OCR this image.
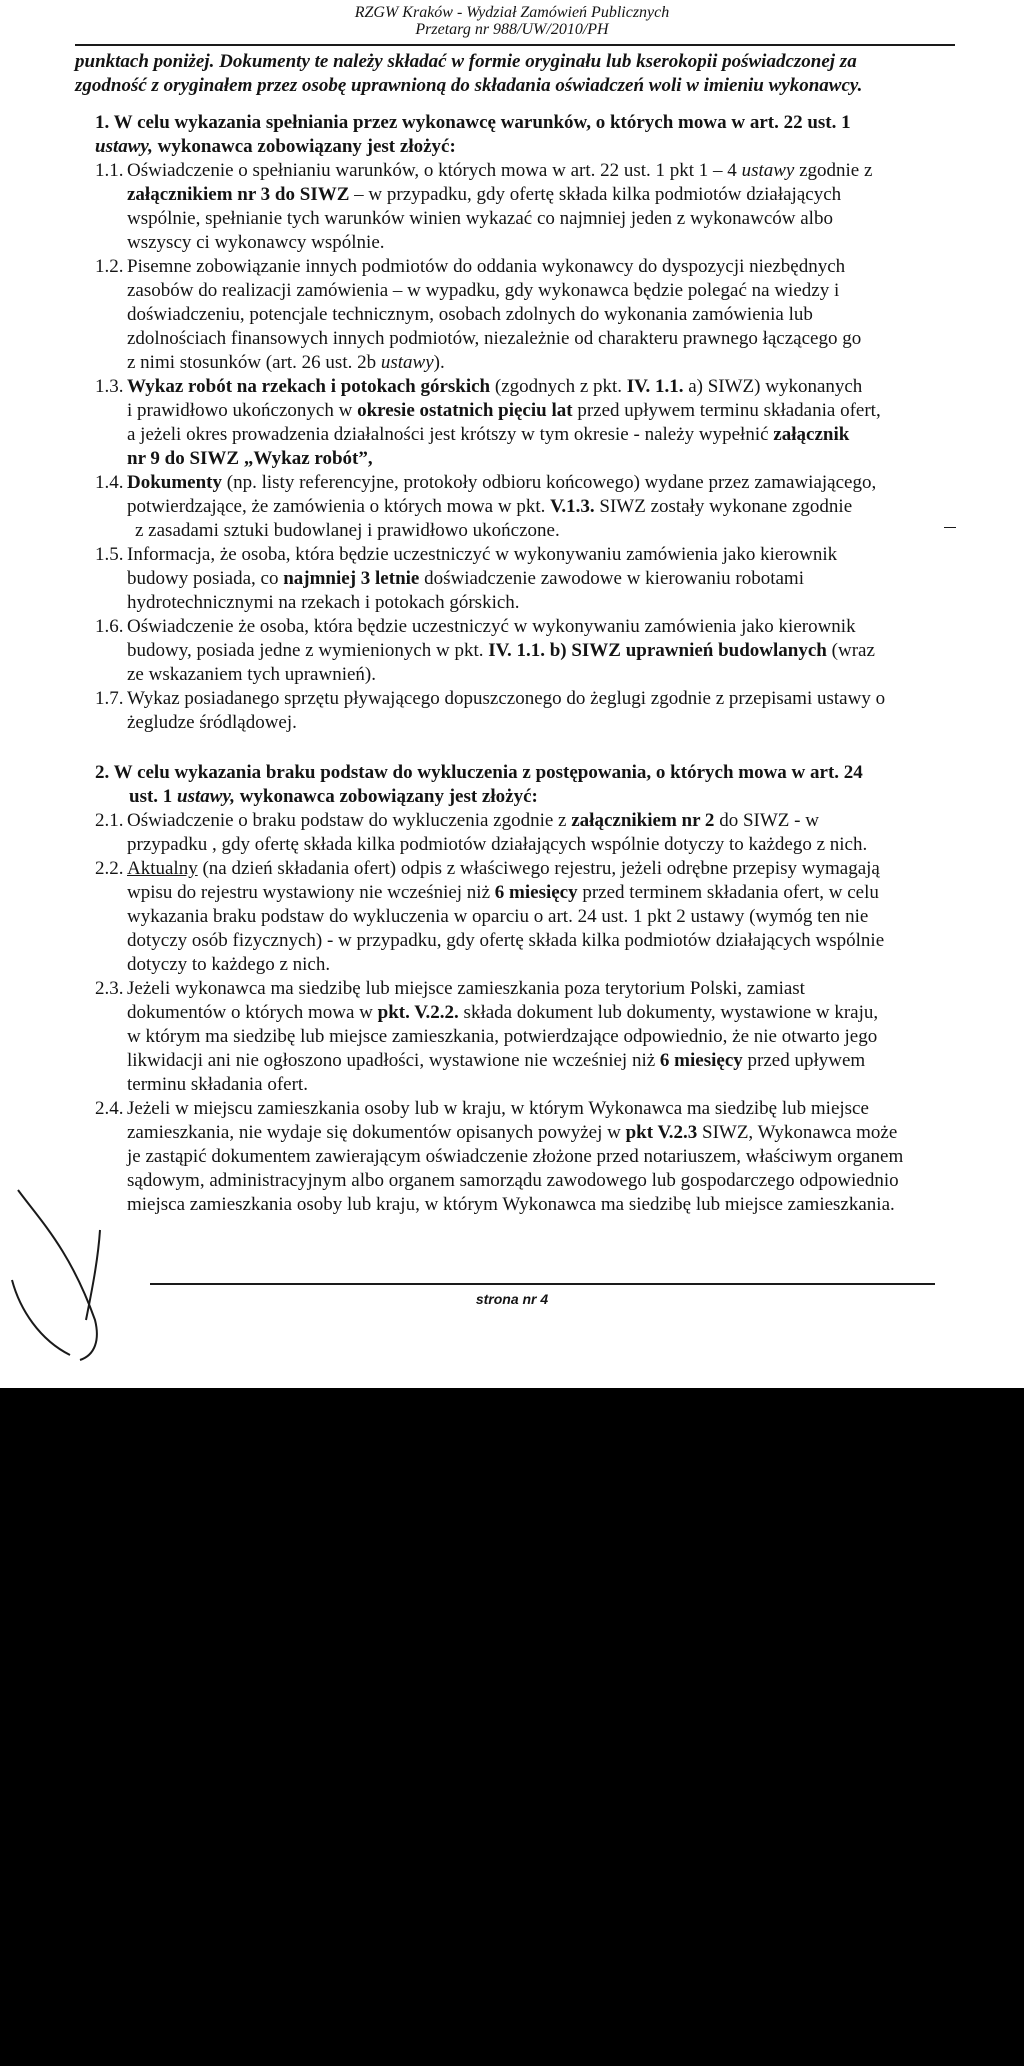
RZGW Kraków - Wydział Zamówień Publicznych
Przetarg nr 988/UW/2010/PH

punktach poniżej. Dokumenty te należy składać w formie oryginału lub kserokopii poświadczonej za

zgodność z oryginałem przez osobę uprawnioną do składania oświadczeń woli w imieniu wykonawcy.

1. W celu wykazania spełniania przez wykonawcę warunków, o których mowa w art. 22 ust. 1

ustawy, wykonawca zobowiązany jest złożyć:

1.1. Oświadczenie o spełnianiu warunków, o których mowa w art. 22 ust. 1 pkt 1 – 4 ustawy zgodnie z

załącznikiem nr 3 do SIWZ – w przypadku, gdy ofertę składa kilka podmiotów działających

wspólnie, spełnianie tych warunków winien wykazać co najmniej jeden z wykonawców albo

wszyscy ci wykonawcy wspólnie.

1.2. Pisemne zobowiązanie innych podmiotów do oddania wykonawcy do dyspozycji niezbędnych

zasobów do realizacji zamówienia – w wypadku, gdy wykonawca będzie polegać na wiedzy i

doświadczeniu, potencjale technicznym, osobach zdolnych do wykonania zamówienia lub

zdolnościach finansowych innych podmiotów, niezależnie od charakteru prawnego łączącego go

z nimi stosunków (art. 26 ust. 2b ustawy).

1.3. Wykaz robót na rzekach i potokach górskich (zgodnych z pkt. IV. 1.1. a) SIWZ) wykonanych

i prawidłowo ukończonych w okresie ostatnich pięciu lat przed upływem terminu składania ofert,

a jeżeli okres prowadzenia działalności jest krótszy w tym okresie - należy wypełnić załącznik

nr 9 do SIWZ „Wykaz robót”,

1.4. Dokumenty (np. listy referencyjne, protokoły odbioru końcowego) wydane przez zamawiającego,

potwierdzające, że zamówienia o których mowa w pkt. V.1.3. SIWZ zostały wykonane zgodnie

z zasadami sztuki budowlanej i prawidłowo ukończone.

1.5. Informacja, że osoba, która będzie uczestniczyć w wykonywaniu zamówienia jako kierownik

budowy posiada, co najmniej 3 letnie doświadczenie zawodowe w kierowaniu robotami

hydrotechnicznymi na rzekach i potokach górskich.

1.6. Oświadczenie że osoba, która będzie uczestniczyć w wykonywaniu zamówienia jako kierownik

budowy, posiada jedne z wymienionych w pkt. IV. 1.1. b) SIWZ uprawnień budowlanych (wraz

ze wskazaniem tych uprawnień).

1.7. Wykaz posiadanego sprzętu pływającego dopuszczonego do żeglugi zgodnie z przepisami ustawy o

żegludze śródlądowej.

2. W celu wykazania braku podstaw do wykluczenia z postępowania, o których mowa w art. 24

ust. 1 ustawy, wykonawca zobowiązany jest złożyć:

2.1. Oświadczenie o braku podstaw do wykluczenia zgodnie z załącznikiem nr 2 do SIWZ - w

przypadku , gdy ofertę składa kilka podmiotów działających wspólnie dotyczy to każdego z nich.

2.2. Aktualny (na dzień składania ofert) odpis z właściwego rejestru, jeżeli odrębne przepisy wymagają

wpisu do rejestru wystawiony nie wcześniej niż 6 miesięcy przed terminem składania ofert, w celu

wykazania braku podstaw do wykluczenia w oparciu o art. 24 ust. 1 pkt 2 ustawy (wymóg ten nie

dotyczy osób fizycznych) - w przypadku, gdy ofertę składa kilka podmiotów działających wspólnie

dotyczy to każdego z nich.

2.3. Jeżeli wykonawca ma siedzibę lub miejsce zamieszkania poza terytorium Polski, zamiast

dokumentów o których mowa w pkt. V.2.2. składa dokument lub dokumenty, wystawione w kraju,

w którym ma siedzibę lub miejsce zamieszkania, potwierdzające odpowiednio, że nie otwarto jego

likwidacji ani nie ogłoszono upadłości, wystawione nie wcześniej niż 6 miesięcy przed upływem

terminu składania ofert.

2.4. Jeżeli w miejscu zamieszkania osoby lub w kraju, w którym Wykonawca ma siedzibę lub miejsce

zamieszkania, nie wydaje się dokumentów opisanych powyżej w pkt V.2.3 SIWZ, Wykonawca może

je zastąpić dokumentem zawierającym oświadczenie złożone przed notariuszem, właściwym organem

sądowym, administracyjnym albo organem samorządu zawodowego lub gospodarczego odpowiednio

miejsca zamieszkania osoby lub kraju, w którym Wykonawca ma siedzibę lub miejsce zamieszkania.

strona nr 4
